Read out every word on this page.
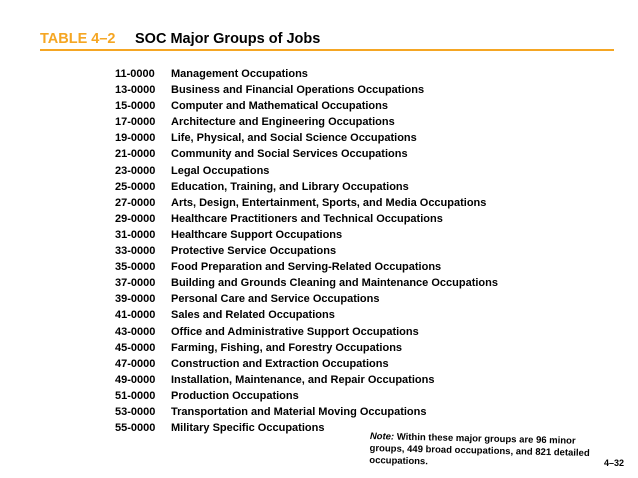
TABLE 4–2 SOC Major Groups of Jobs
11-0000 Management Occupations
13-0000 Business and Financial Operations Occupations
15-0000 Computer and Mathematical Occupations
17-0000 Architecture and Engineering Occupations
19-0000 Life, Physical, and Social Science Occupations
21-0000 Community and Social Services Occupations
23-0000 Legal Occupations
25-0000 Education, Training, and Library Occupations
27-0000 Arts, Design, Entertainment, Sports, and Media Occupations
29-0000 Healthcare Practitioners and Technical Occupations
31-0000 Healthcare Support Occupations
33-0000 Protective Service Occupations
35-0000 Food Preparation and Serving-Related Occupations
37-0000 Building and Grounds Cleaning and Maintenance Occupations
39-0000 Personal Care and Service Occupations
41-0000 Sales and Related Occupations
43-0000 Office and Administrative Support Occupations
45-0000 Farming, Fishing, and Forestry Occupations
47-0000 Construction and Extraction Occupations
49-0000 Installation, Maintenance, and Repair Occupations
51-0000 Production Occupations
53-0000 Transportation and Material Moving Occupations
55-0000 Military Specific Occupations
Note: Within these major groups are 96 minor groups, 449 broad occupations, and 821 detailed occupations.	4–32
